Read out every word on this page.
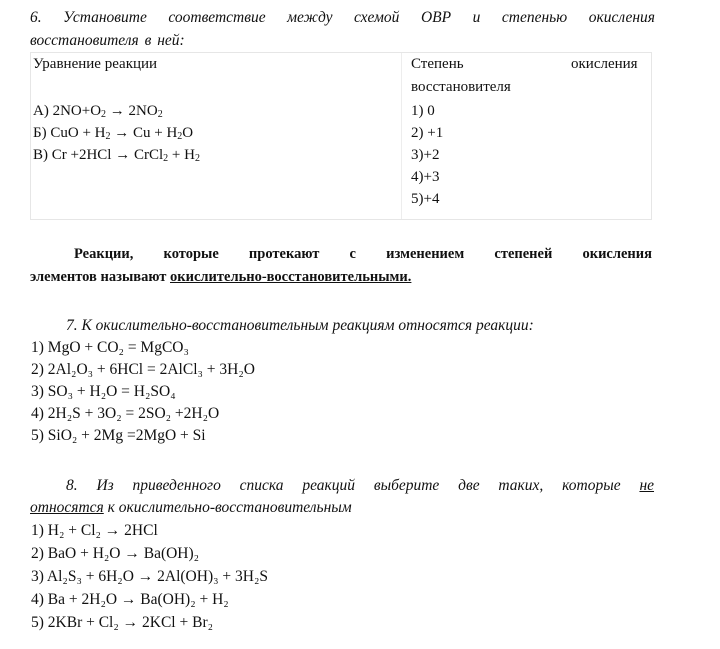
6. Установите соответствие между схемой ОВР и степенью окисления
восстановителя в ней:
Уравнение реакции	Степень	окисления
восстановителя
А) $2NO+O_2 \to 2NO_2$
Б) CuO + $H_2 \to Cu + H_2O$
В) Cr +2HCl → CrCl$_2$ + $H_2$
1) 0
2) +1
3)+2
4)+3
5)+4
Реакции, которые протекают с изменением степеней окисления
элементов называют окислительно-восстановительными.
7. К окислительно-восстановительным реакциям относятся реакции:
1) MgO + CO₂ = MgCO₃
2) 2Al₂O₃ + 6HCl = 2AlCl₃ + 3H₂O
3) SO₃ + H₂O = H₂SO₄
4) 2H₂S + 3O₂ = 2SO₂ +2H₂O
5) SiO₂ + 2Mg =2MgO + Si
8. Из приведенного списка реакций выберите две таких, которые не
относятся к окислительно-восстановительным
1) H₂ + Cl₂ → 2HCl
2) BaO + H₂O → Ba(OH)₂
3) Al₂S₃ + 6H₂O → 2Al(OH)₃ + 3H₂S
4) Ba + 2H₂O → Ba(OH)₂ + H₂
5) 2KBr + Cl₂ → 2KCl + Br₂
